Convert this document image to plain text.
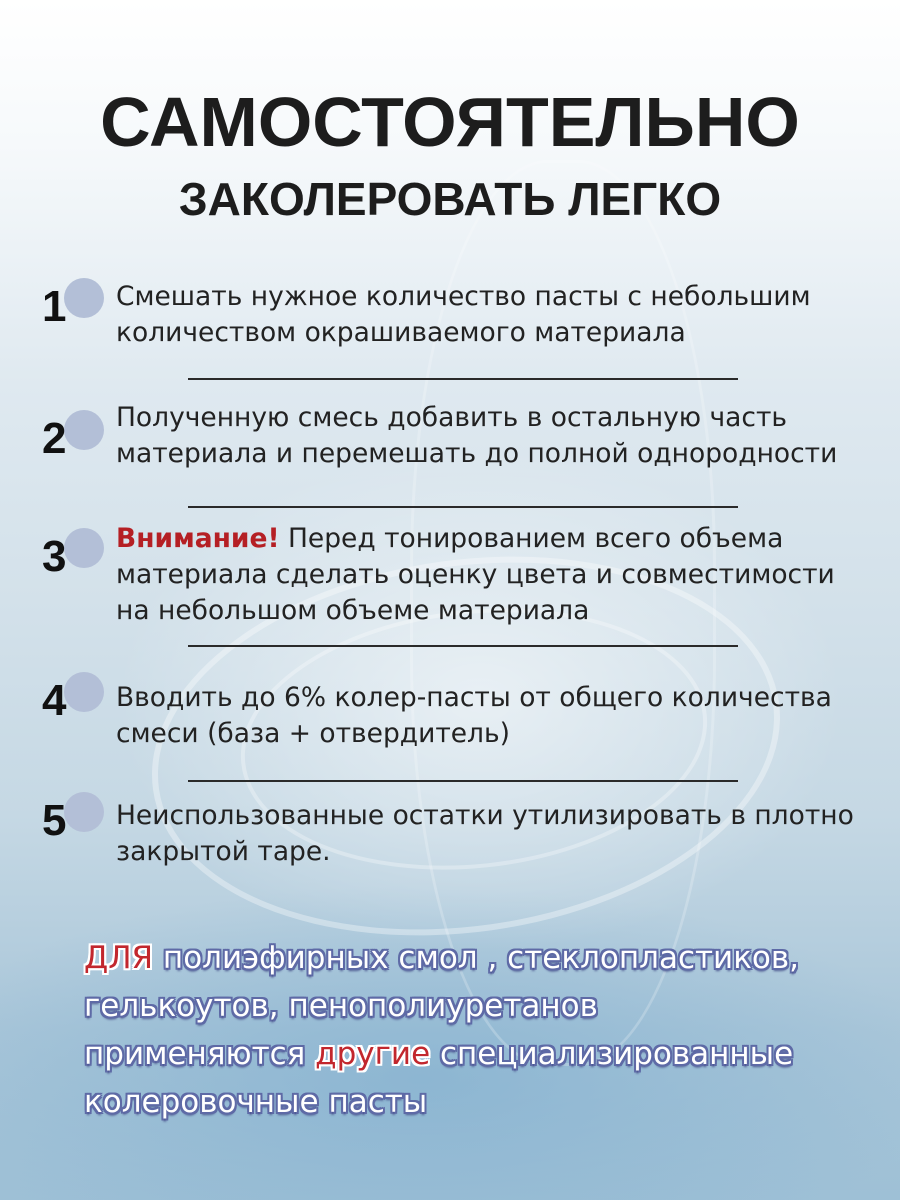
САМОСТОЯТЕЛЬНО
ЗАКОЛЕРОВАТЬ ЛЕГКО
1 Смешать нужное количество пасты с небольшим
количеством окрашиваемого материала
2 Полученную смесь добавить в остальную часть
материала и перемешать до полной однородности
3 Внимание! Перед тонированием всего объема
материала сделать оценку цвета и совместимости
на небольшом объеме материала
4 Вводить до 6% колер-пасты от общего количества
смеси (база + отвердитель)
5 Неиспользованные остатки утилизировать в плотно
закрытой таре.
ДЛЯ полиэфирных смол , стеклопластиков,
гелькоутов, пенополиуретанов
применяются другие специализированные
колеровочные пасты
